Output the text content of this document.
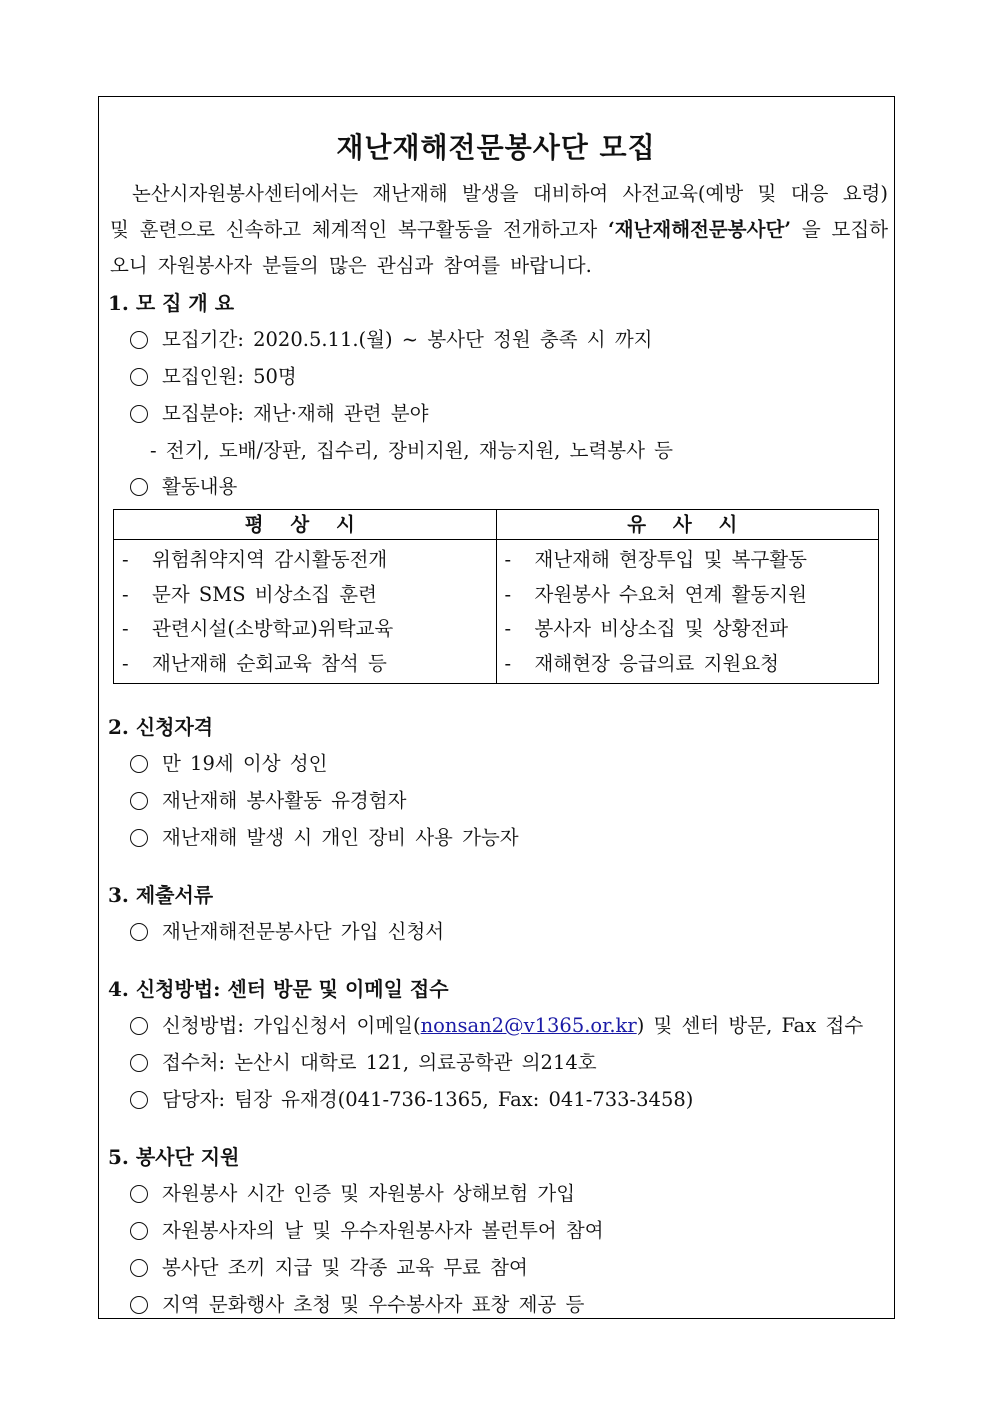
재난재해전문봉사단 모집
논산시자원봉사센터에서는 재난재해 발생을 대비하여 사전교육(예방 및 대응 요령) 및 훈련으로 신속하고 체계적인 복구활동을 전개하고자 ‘재난재해전문봉사단’ 을 모집하오니 자원봉사자 분들의 많은 관심과 참여를 바랍니다.
1. 모 집 개 요
모집기간: 2020.5.11.(월) ~ 봉사단 정원 충족 시 까지
모집인원: 50명
모집분야: 재난·재해 관련 분야
- 전기, 도배/장판, 집수리, 장비지원, 재능지원, 노력봉사 등
활동내용
평 상 시	유 사 시

- 위험취약지역 감시활동전개
- 문자 SMS 비상소집 훈련
- 관련시설(소방학교)위탁교육
- 재난재해 순회교육 참석 등

- 재난재해 현장투입 및 복구활동
- 자원봉사 수요처 연계 활동지원
- 봉사자 비상소집 및 상황전파
- 재해현장 응급의료 지원요청
2. 신청자격
만 19세 이상 성인
재난재해 봉사활동 유경험자
재난재해 발생 시 개인 장비 사용 가능자
3. 제출서류
재난재해전문봉사단 가입 신청서
4. 신청방법: 센터 방문 및 이메일 접수
신청방법: 가입신청서 이메일(nonsan2@v1365.or.kr) 및 센터 방문, Fax 접수
접수처: 논산시 대학로 121, 의료공학관 의214호
담당자: 팀장 유재경(041-736-1365, Fax: 041-733-3458)
5. 봉사단 지원
자원봉사 시간 인증 및 자원봉사 상해보험 가입
자원봉사자의 날 및 우수자원봉사자 볼런투어 참여
봉사단 조끼 지급 및 각종 교육 무료 참여
지역 문화행사 초청 및 우수봉사자 표창 제공 등
